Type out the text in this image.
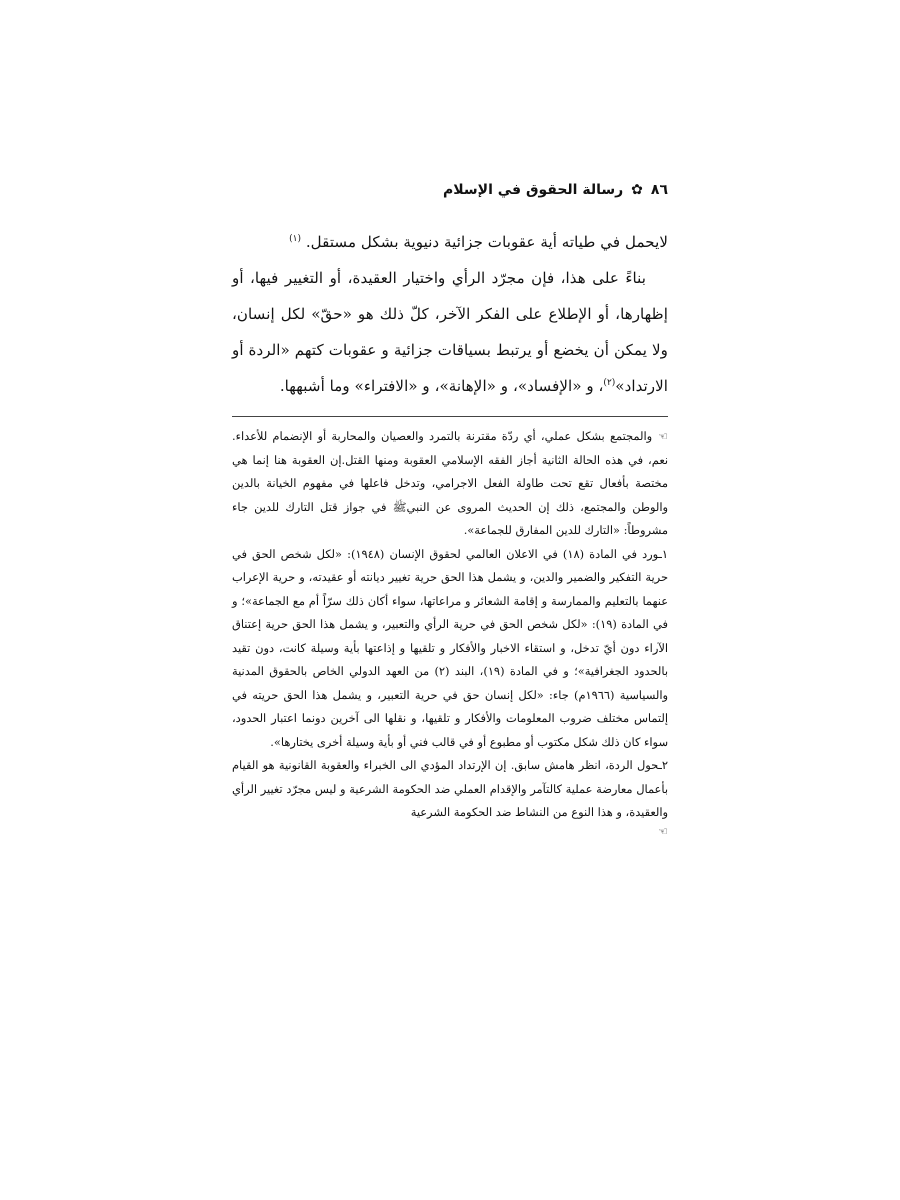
٨٦
✿
رسالة الحقوق في الإسلام

لايحمل في طياته أية عقوبات جزائية دنيوية بشكل مستقل. $^{(١)}$

بناءً على هذا، فإن مجرّد الرأي واختيار العقيدة، أو التغيير فيها، أو إظهارها، أو الإطلاع على الفكر الآخر، كلّ ذلك هو «حقّ» لكل إنسان، ولا يمكن أن يخضع أو يرتبط بسياقات جزائية و عقوبات كتهم «الردة أو الارتداد»$^{(٢)}$، و «الإفساد»، و «الإهانة»، و «الافتراء» وما أشبهها.

☜والمجتمع بشكل عملي، أي ردّة مقترنة بالتمرد والعصيان والمحاربة أو الإنضمام للأعداء. نعم، في هذه الحالة الثانية أجاز الفقه الإسلامي العقوبة ومنها القتل.إن العقوبة هنا إنما هي مختصة بأفعال تقع تحت طاولة الفعل الاجرامي، وتدخل فاعلها في مفهوم الخيانة بالدين والوطن والمجتمع، ذلك إن الحديث المروى عن النبيﷺ في جواز قتل التارك للدين جاء مشروطاً: «التارك للدين المفارق للجماعة».

١ـورد في المادة (١٨) في الاعلان العالمي لحقوق الإنسان (١٩٤٨): «لكل شخص الحق في حرية التفكير والضمير والدين، و يشمل هذا الحق حرية تغيير ديانته أو عقيدته، و حرية الإعراب عنهما بالتعليم والممارسة و إقامة الشعائر و مراعاتها، سواء أكان ذلك سرّاً أم مع الجماعة»؛ و في المادة (١٩): «لكل شخص الحق في حرية الرأي والتعبير، و يشمل هذا الحق حرية إعتناق الآراء دون أيّ تدخل، و استقاء الاخبار والأفكار و تلقيها و إذاعتها بأية وسيلة كانت، دون تقيد بالحدود الجغرافية»؛ و في المادة (١٩)، البند (٢) من العهد الدولي الخاص بالحقوق المدنية والسياسية (١٩٦٦م) جاء: «لكل إنسان حق في حرية التعبير، و يشمل هذا الحق حريته في إلتماس مختلف ضروب المعلومات والأفكار و تلقيها، و نقلها الى آخرين دونما اعتبار الحدود، سواء كان ذلك شكل مكتوب أو مطبوع أو في قالب فني أو بأية وسيلة أخرى يختارها».

٢ـحول الردة، انظر هامش سابق. إن الإرتداد المؤدي الى الخبراء والعقوبة القانونية هو القيام بأعمال معارضة عملية كالتآمر والإقدام العملي ضد الحكومة الشرعية و ليس مجرّد تغيير الرأي والعقيدة، و هذا النوع من النشاط ضد الحكومة الشرعية

☜
